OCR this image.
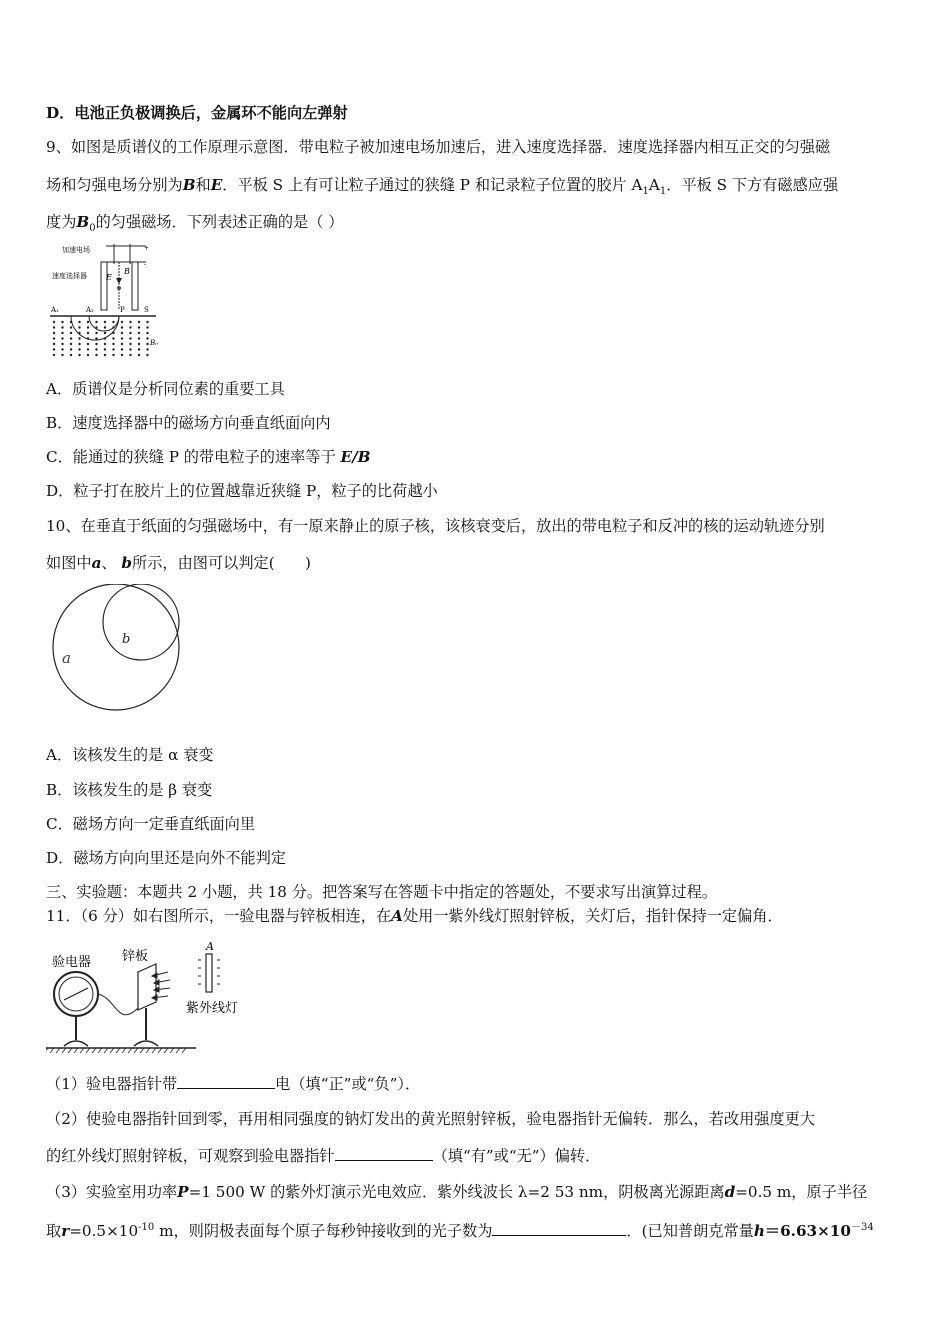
D．电池正负极调换后，金属环不能向左弹射
9、如图是质谱仪的工作原理示意图．带电粒子被加速电场加速后，进入速度选择器．速度选择器内相互正交的匀强磁
场和匀强电场分别为B和E．平板 S 上有可让粒子通过的狭缝 P 和记录粒子位置的胶片 $A_1A_1$．平板 S 下方有磁感应强
度为$B_0$的匀强磁场．下列表述正确的是（ ）
加速电场
速度选择器
+
-
E
B
A₁	A₂	P	S
B₀
A．质谱仪是分析同位素的重要工具
B．速度选择器中的磁场方向垂直纸面向内
C．能通过的狭缝 P 的带电粒子的速率等于 E/B
D．粒子打在胶片上的位置越靠近狭缝 P，粒子的比荷越小
10、在垂直于纸面的匀强磁场中，有一原来静止的原子核，该核衰变后，放出的带电粒子和反冲的核的运动轨迹分别
如图中a、 b所示，由图可以判定(　　)
a
b
A．该核发生的是 α 衰变
B．该核发生的是 β 衰变
C．磁场方向一定垂直纸面向里
D．磁场方向向里还是向外不能判定
三、实验题：本题共 2 小题，共 18 分。把答案写在答题卡中指定的答题处，不要求写出演算过程。
11．（6 分）如右图所示，一验电器与锌板相连，在A处用一紫外线灯照射锌板，关灯后，指针保持一定偏角．
验电器 锌板
A
紫外线灯
（1）验电器指针带	电（填“正”或“负”）．
（2）使验电器指针回到零，再用相同强度的钠灯发出的黄光照射锌板，验电器指针无偏转．那么，若改用强度更大
的红外线灯照射锌板，可观察到验电器指针	（填“有”或“无”）偏转．
（3）实验室用功率P=1 500 W 的紫外灯演示光电效应．紫外线波长 λ=2 53 nm，阴极离光源距离d=0.5 m，原子半径
取$r=0.5\times 10^{-10}$ m，则阴极表面每个原子每秒钟接收到的光子数为	．(已知普朗克常量$h=6.63\times 10^{-34}$
